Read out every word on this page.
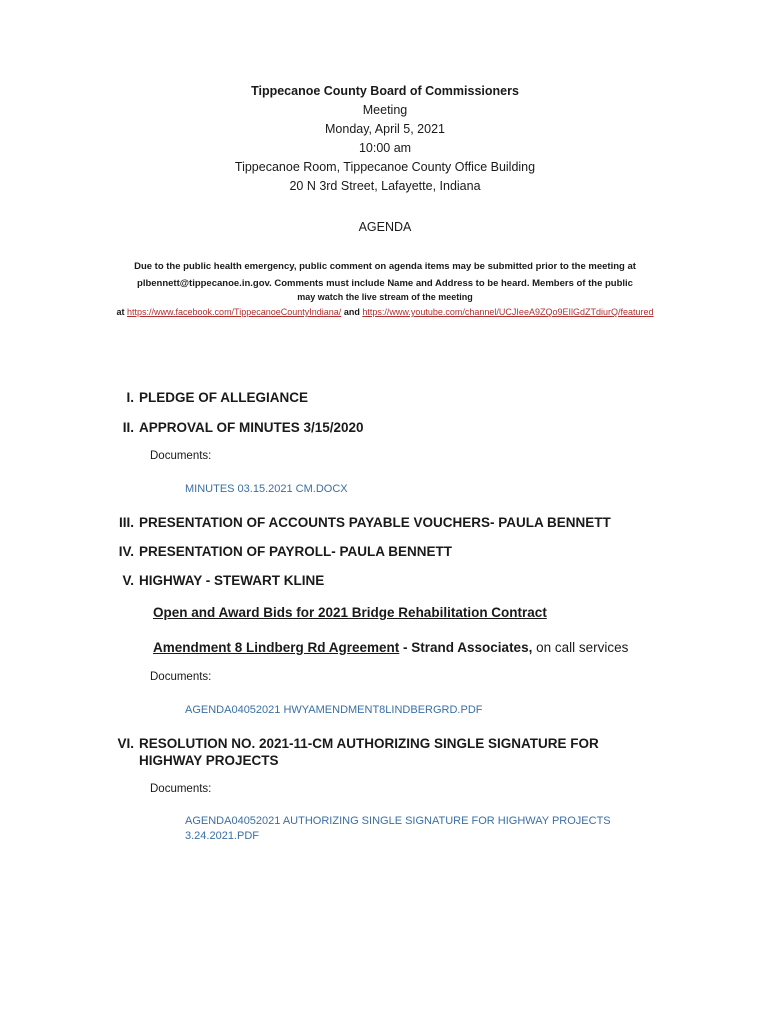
Tippecanoe County Board of Commissioners
Meeting
Monday, April 5, 2021
10:00 am
Tippecanoe Room, Tippecanoe County Office Building
20 N 3rd Street, Lafayette, Indiana
AGENDA
Due to the public health emergency, public comment on agenda items may be submitted prior to the meeting at
plbennett@tippecanoe.in.gov. Comments must include Name and Address to be heard. Members of the public
may watch the live stream of the meeting
at https://www.facebook.com/TippecanoeCountyIndiana/ and https://www.youtube.com/channel/UCJIeeA9ZQo9EIlGdZTdiurQ/featured
I. PLEDGE OF ALLEGIANCE
II. APPROVAL OF MINUTES 3/15/2020
Documents:
MINUTES 03.15.2021 CM.DOCX
III. PRESENTATION OF ACCOUNTS PAYABLE VOUCHERS- PAULA BENNETT
IV. PRESENTATION OF PAYROLL- PAULA BENNETT
V. HIGHWAY - STEWART KLINE
Open and Award Bids for 2021 Bridge Rehabilitation Contract
Amendment 8 Lindberg Rd Agreement - Strand Associates, on call services
Documents:
AGENDA04052021 HWYAMENDMENT8LINDBERGRD.PDF
VI. RESOLUTION NO. 2021-11-CM AUTHORIZING SINGLE SIGNATURE FOR
HIGHWAY PROJECTS
Documents:
AGENDA04052021 AUTHORIZING SINGLE SIGNATURE FOR HIGHWAY PROJECTS
3.24.2021.PDF
